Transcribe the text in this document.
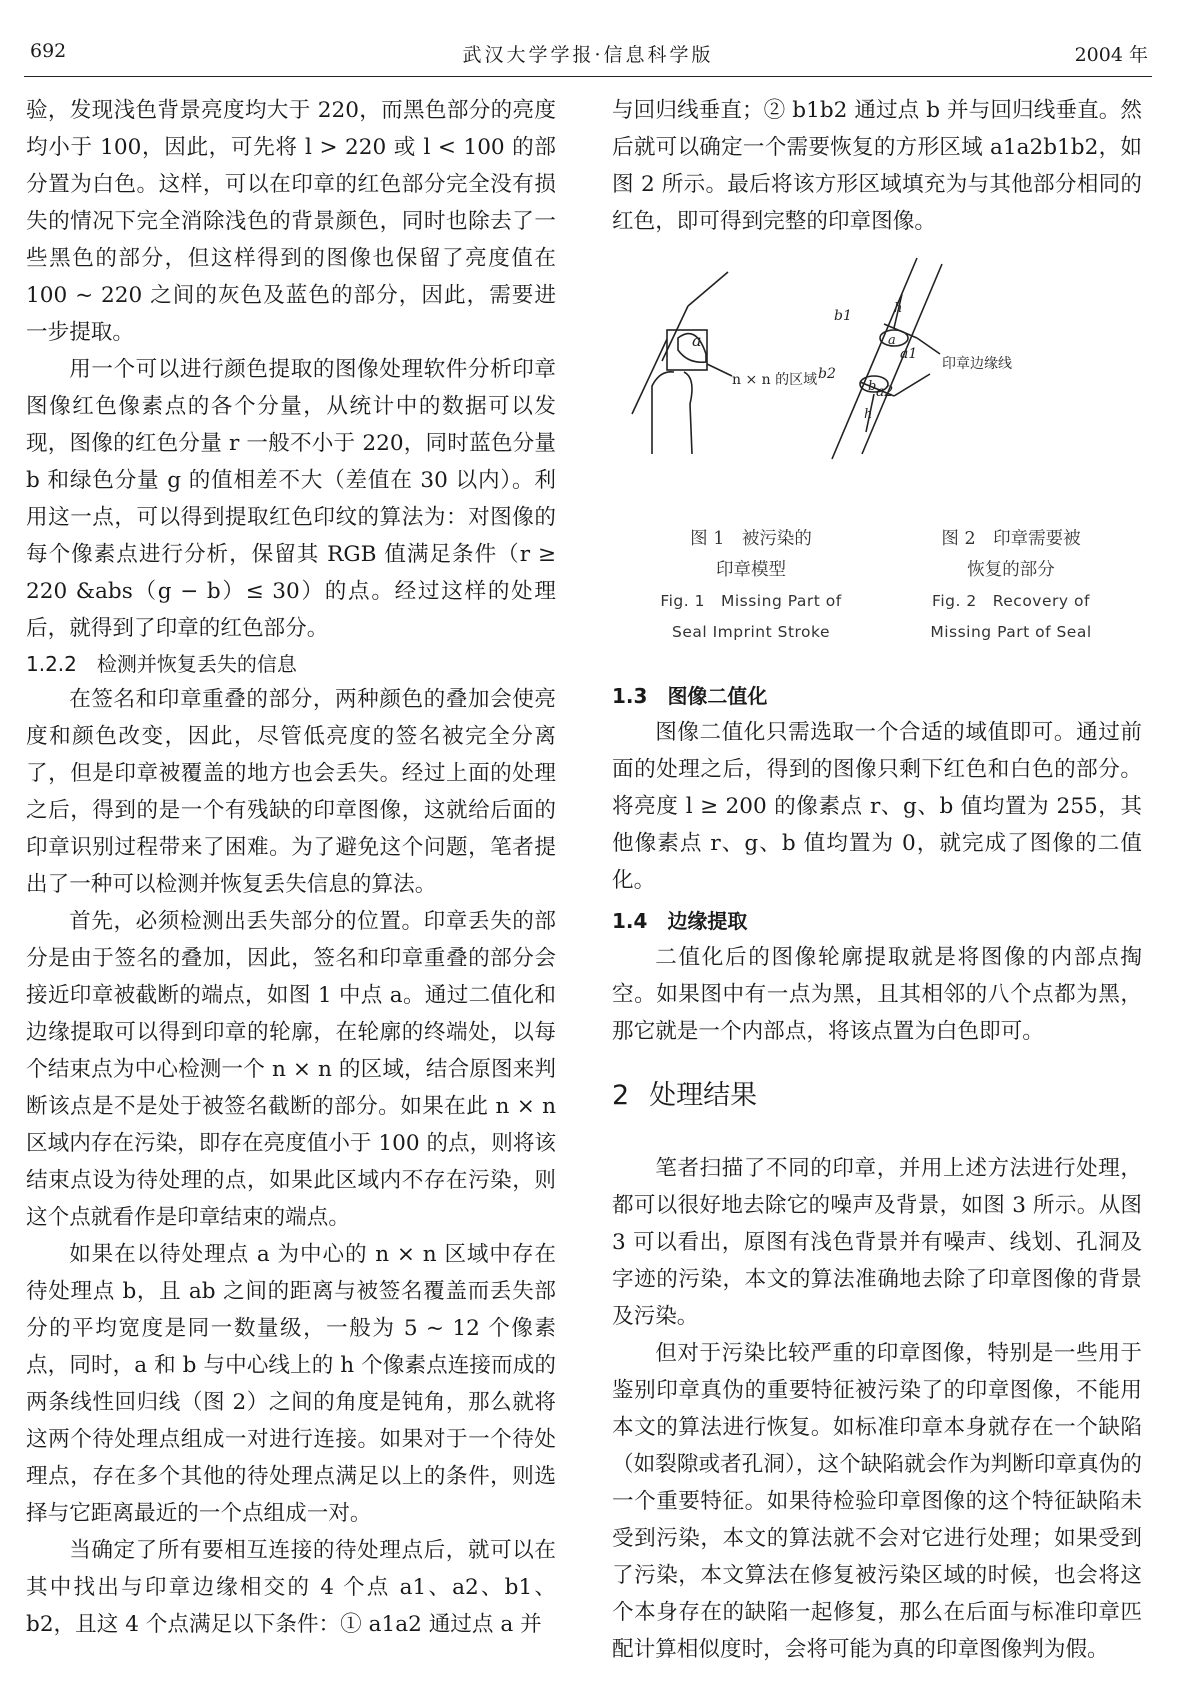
692	武汉大学学报·信息科学版	2004 年

验，发现浅色背景亮度均大于 220，而黑色部分的亮度均小于 100，因此，可先将 l > 220 或 l < 100 的部分置为白色。这样，可以在印章的红色部分完全没有损失的情况下完全消除浅色的背景颜色，同时也除去了一些黑色的部分，但这样得到的图像也保留了亮度值在 100 ~ 220 之间的灰色及蓝色的部分，因此，需要进一步提取。

用一个可以进行颜色提取的图像处理软件分析印章图像红色像素点的各个分量，从统计中的数据可以发现，图像的红色分量 r 一般不小于 220，同时蓝色分量 b 和绿色分量 g 的值相差不大（差值在 30 以内）。利用这一点，可以得到提取红色印纹的算法为：对图像的每个像素点进行分析，保留其 RGB 值满足条件（r ≥ 220 &abs（g − b）≤ 30）的点。经过这样的处理后，就得到了印章的红色部分。

1.2.2 检测并恢复丢失的信息

在签名和印章重叠的部分，两种颜色的叠加会使亮度和颜色改变，因此，尽管低亮度的签名被完全分离了，但是印章被覆盖的地方也会丢失。经过上面的处理之后，得到的是一个有残缺的印章图像，这就给后面的印章识别过程带来了困难。为了避免这个问题，笔者提出了一种可以检测并恢复丢失信息的算法。

首先，必须检测出丢失部分的位置。印章丢失的部分是由于签名的叠加，因此，签名和印章重叠的部分会接近印章被截断的端点，如图 1 中点 a。通过二值化和边缘提取可以得到印章的轮廓，在轮廓的终端处，以每个结束点为中心检测一个 n × n 的区域，结合原图来判断该点是不是处于被签名截断的部分。如果在此 n × n 区域内存在污染，即存在亮度值小于 100 的点，则将该结束点设为待处理的点，如果此区域内不存在污染，则这个点就看作是印章结束的端点。

如果在以待处理点 a 为中心的 n × n 区域中存在待处理点 b，且 ab 之间的距离与被签名覆盖而丢失部分的平均宽度是同一数量级，一般为 5 ~ 12 个像素点，同时，a 和 b 与中心线上的 h 个像素点连接而成的两条线性回归线（图 2）之间的角度是钝角，那么就将这两个待处理点组成一对进行连接。如果对于一个待处理点，存在多个其他的待处理点满足以上的条件，则选择与它距离最近的一个点组成一对。

当确定了所有要相互连接的待处理点后，就可以在其中找出与印章边缘相交的 4 个点 a1、a2、b1、b2，且这 4 个点满足以下条件：① a1a2 通过点 a 并

与回归线垂直；② b1b2 通过点 b 并与回归线垂直。然后就可以确定一个需要恢复的方形区域 a1a2b1b2，如图 2 所示。最后将该方形区域填充为与其他部分相同的红色，即可得到完整的印章图像。

a
n × n 的区域
b1
b2
a1
a2
a
b
h
h
印章边缘线
图 1　被污染的
印章模型
Fig. 1　Missing Part of
Seal Imprint Stroke
图 2　印章需要被
恢复的部分
Fig. 2　Recovery of
Missing Part of Seal

1.3 图像二值化

图像二值化只需选取一个合适的域值即可。通过前面的处理之后，得到的图像只剩下红色和白色的部分。将亮度 l ≥ 200 的像素点 r、g、b 值均置为 255，其他像素点 r、g、b 值均置为 0，就完成了图像的二值化。

1.4 边缘提取

二值化后的图像轮廓提取就是将图像的内部点掏空。如果图中有一点为黑，且其相邻的八个点都为黑，那它就是一个内部点，将该点置为白色即可。

2 处理结果

笔者扫描了不同的印章，并用上述方法进行处理，都可以很好地去除它的噪声及背景，如图 3 所示。从图 3 可以看出，原图有浅色背景并有噪声、线划、孔洞及字迹的污染，本文的算法准确地去除了印章图像的背景及污染。

但对于污染比较严重的印章图像，特别是一些用于鉴别印章真伪的重要特征被污染了的印章图像，不能用本文的算法进行恢复。如标准印章本身就存在一个缺陷（如裂隙或者孔洞），这个缺陷就会作为判断印章真伪的一个重要特征。如果待检验印章图像的这个特征缺陷未受到污染，本文的算法就不会对它进行处理；如果受到了污染，本文算法在修复被污染区域的时候，也会将这个本身存在的缺陷一起修复，那么在后面与标准印章匹配计算相似度时，会将可能为真的印章图像判为假。
